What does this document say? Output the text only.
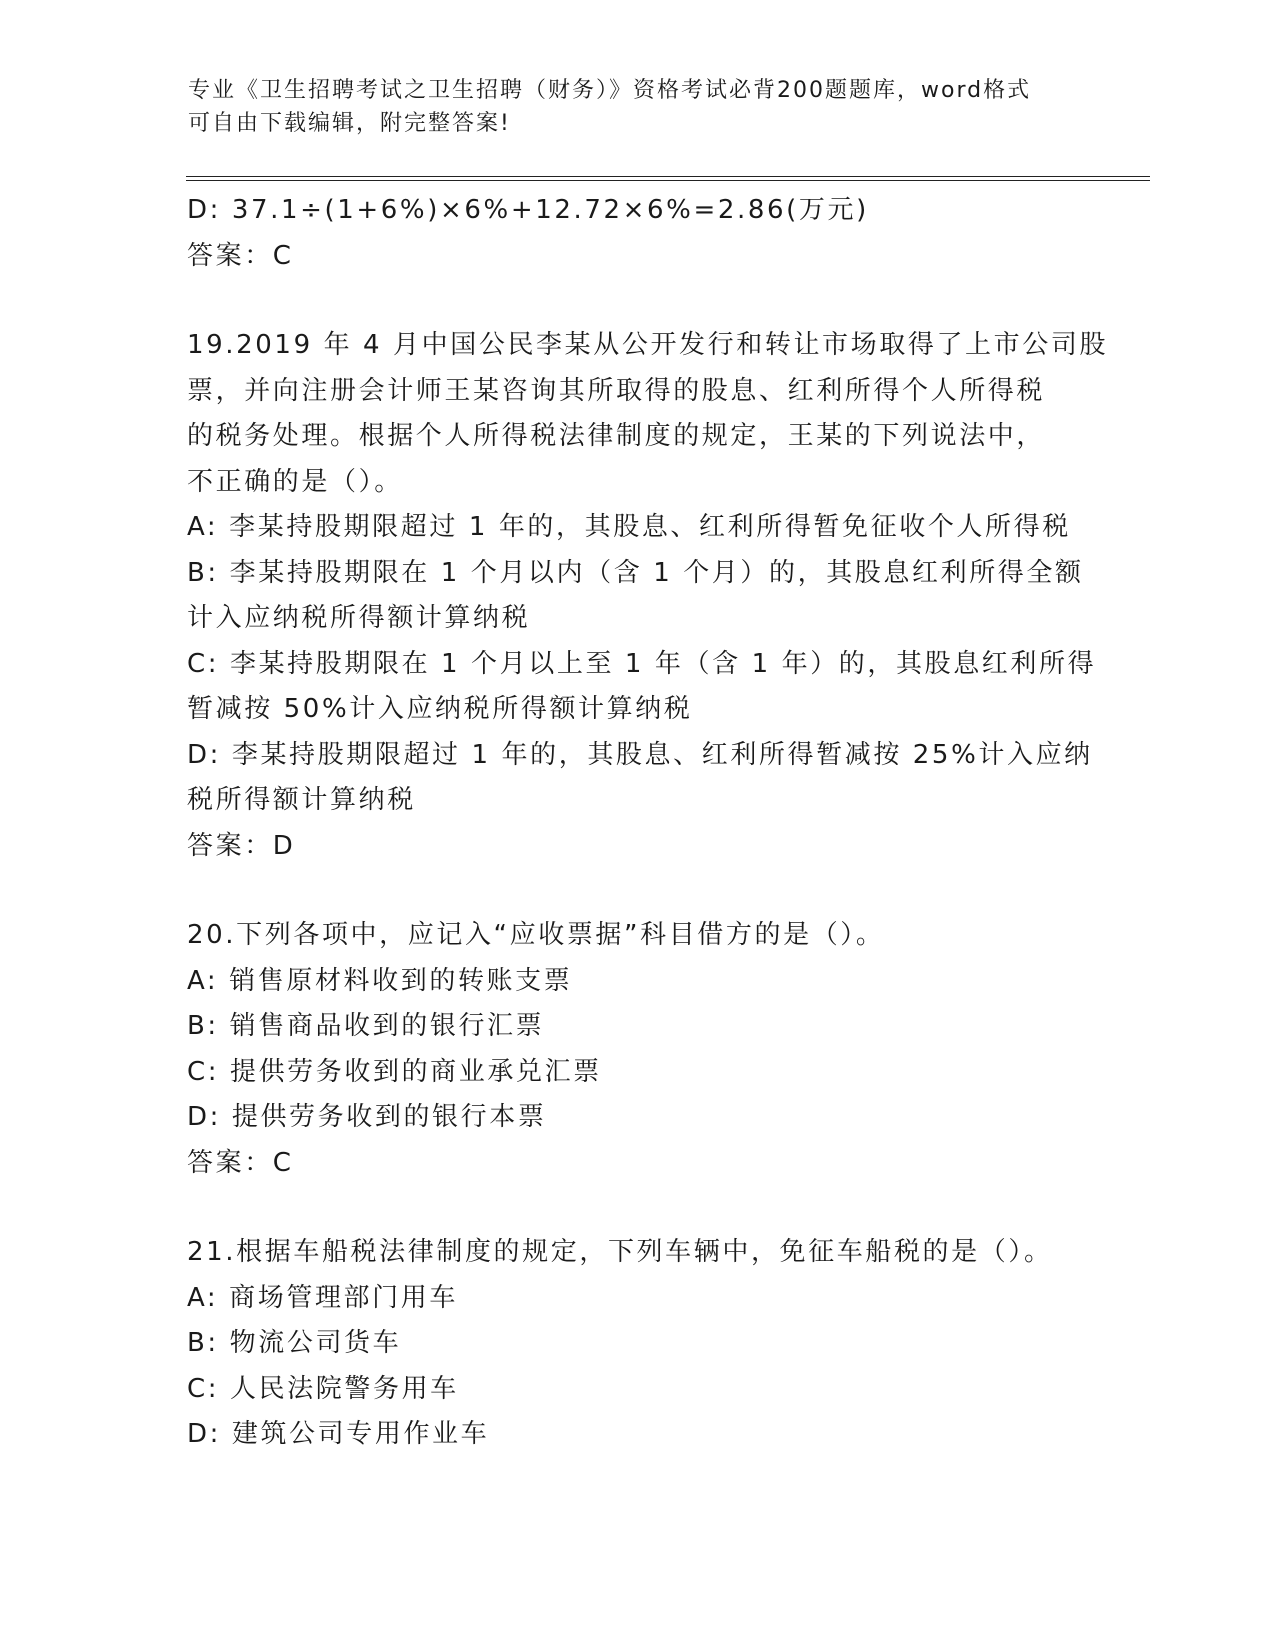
专业《卫生招聘考试之卫生招聘（财务）》资格考试必背200题题库，word格式
可自由下载编辑，附完整答案!
D: 37.1÷(1+6%)×6%+12.72×6%=2.86(万元)
答案：C
19.2019 年 4 月中国公民李某从公开发行和转让市场取得了上市公司股
票，并向注册会计师王某咨询其所取得的股息、红利所得个人所得税
的税务处理。根据个人所得税法律制度的规定，王某的下列说法中，
不正确的是（）。
A: 李某持股期限超过 1 年的，其股息、红利所得暂免征收个人所得税
B: 李某持股期限在 1 个月以内（含 1 个月）的，其股息红利所得全额
计入应纳税所得额计算纳税
C: 李某持股期限在 1 个月以上至 1 年（含 1 年）的，其股息红利所得
暂减按 50%计入应纳税所得额计算纳税
D: 李某持股期限超过 1 年的，其股息、红利所得暂减按 25%计入应纳
税所得额计算纳税
答案：D
20.下列各项中，应记入“应收票据”科目借方的是（）。
A: 销售原材料收到的转账支票
B: 销售商品收到的银行汇票
C: 提供劳务收到的商业承兑汇票
D: 提供劳务收到的银行本票
答案：C
21.根据车船税法律制度的规定，下列车辆中，免征车船税的是（）。
A: 商场管理部门用车
B: 物流公司货车
C: 人民法院警务用车
D: 建筑公司专用作业车
